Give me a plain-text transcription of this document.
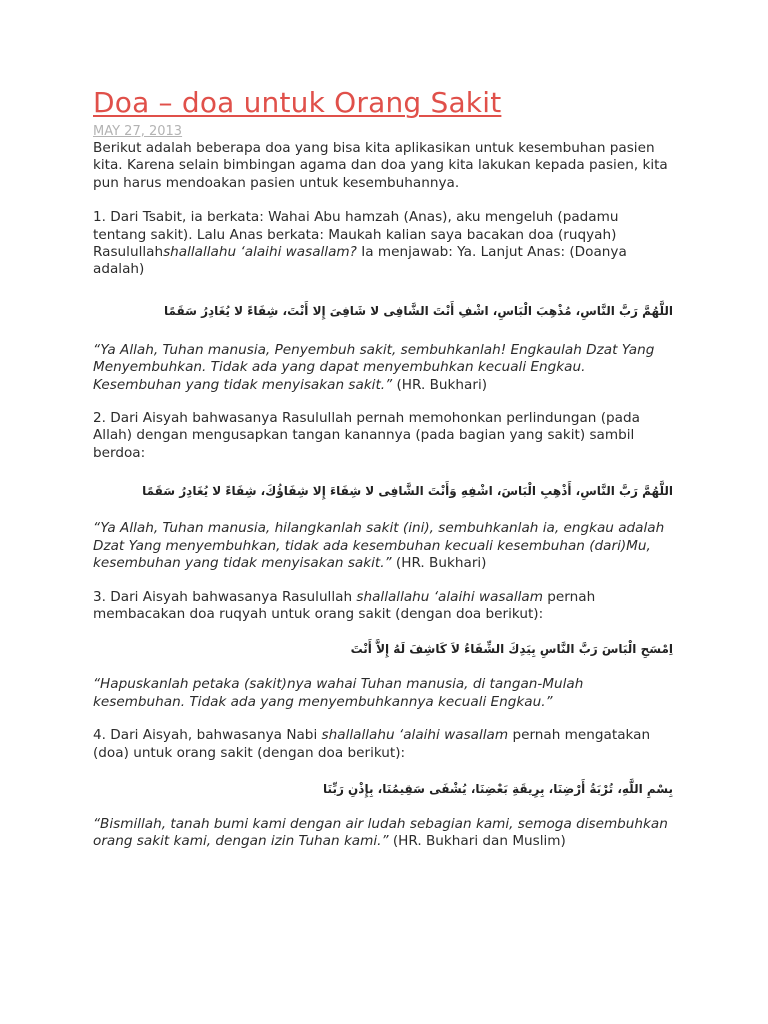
Doa – doa untuk Orang Sakit
MAY 27, 2013

Berikut adalah beberapa doa yang bisa kita aplikasikan untuk kesembuhan pasien kita. Karena selain bimbingan agama dan doa yang kita lakukan kepada pasien, kita pun harus mendoakan pasien untuk kesembuhannya.

1. Dari Tsabit, ia berkata: Wahai Abu hamzah (Anas), aku mengeluh (padamu tentang sakit). Lalu Anas berkata: Maukah kalian saya bacakan doa (ruqyah) Rasulullahshallallahu ‘alaihi wasallam? Ia menjawab: Ya. Lanjut Anas: (Doanya adalah)

اللَّهُمَّ رَبَّ النَّاسِ، مُذْهِبَ الْبَاسِ، اشْفِ أَنْتَ الشَّافِى لا شَافِىَ إِلا أَنْتَ، شِفَاءً لا يُغَادِرُ سَقَمًا

“Ya Allah, Tuhan manusia, Penyembuh sakit, sembuhkanlah! Engkaulah Dzat Yang Menyembuhkan. Tidak ada yang dapat menyembuhkan kecuali Engkau. Kesembuhan yang tidak menyisakan sakit.” (HR. Bukhari)

2. Dari Aisyah bahwasanya Rasulullah pernah memohonkan perlindungan (pada Allah) dengan mengusapkan tangan kanannya (pada bagian yang sakit) sambil berdoa:

اللَّهُمَّ رَبَّ النَّاسِ، أَذْهِبِ الْبَاسَ، اشْفِهِ وَأَنْتَ الشَّافِى لا شِفَاءَ إِلا شِفَاؤُكَ، شِفَاءً لا يُغَادِرُ سَقَمًا

“Ya Allah, Tuhan manusia, hilangkanlah sakit (ini), sembuhkanlah ia, engkau adalah Dzat Yang menyembuhkan, tidak ada kesembuhan kecuali kesembuhan (dari)Mu, kesembuhan yang tidak menyisakan sakit.” (HR. Bukhari)

3. Dari Aisyah bahwasanya Rasulullah shallallahu ‘alaihi wasallam pernah membacakan doa ruqyah untuk orang sakit (dengan doa berikut):

اِمْسَحِ الْبَاسَ رَبَّ النَّاسِ بِيَدِكَ الشِّفَاءُ لاَ كَاشِفَ لَهُ إِلاَّ أَنْتَ

“Hapuskanlah petaka (sakit)nya wahai Tuhan manusia, di tangan-Mulah kesembuhan. Tidak ada yang menyembuhkannya kecuali Engkau.”

4. Dari Aisyah, bahwasanya Nabi shallallahu ‘alaihi wasallam pernah mengatakan (doa) untuk orang sakit (dengan doa berikut):

بِسْمِ اللَّهِ، تُرْبَةُ أَرْضِنَا، بِرِيقَةِ بَعْضِنَا، يُشْفَى سَقِيمُنَا، بِإِذْنِ رَبِّنَا

“Bismillah, tanah bumi kami dengan air ludah sebagian kami, semoga disembuhkan orang sakit kami, dengan izin Tuhan kami.” (HR. Bukhari dan Muslim)
